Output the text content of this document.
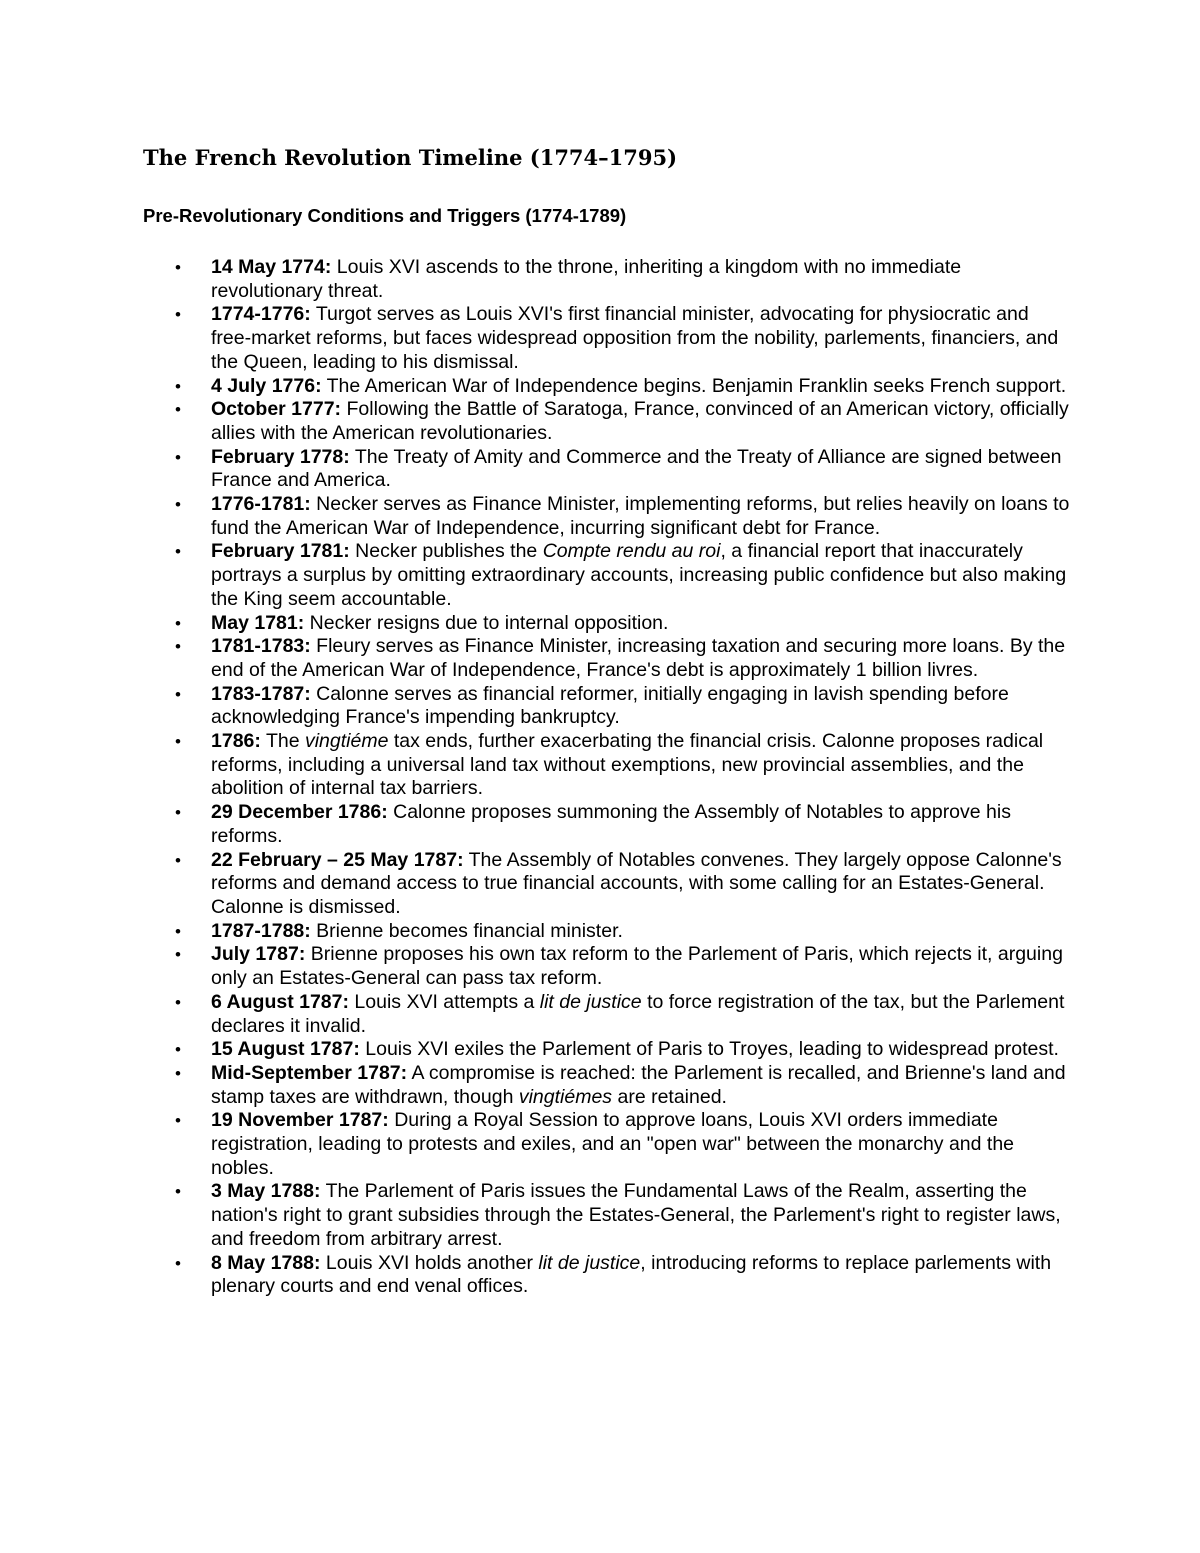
The French Revolution Timeline (1774–1795)
Pre-Revolutionary Conditions and Triggers (1774-1789)
• 14 May 1774: Louis XVI ascends to the throne, inheriting a kingdom with no immediate revolutionary threat.
• 1774-1776: Turgot serves as Louis XVI's first financial minister, advocating for physiocratic and free-market reforms, but faces widespread opposition from the nobility, parlements, financiers, and the Queen, leading to his dismissal.
• 4 July 1776: The American War of Independence begins. Benjamin Franklin seeks French support.
• October 1777: Following the Battle of Saratoga, France, convinced of an American victory, officially allies with the American revolutionaries.
• February 1778: The Treaty of Amity and Commerce and the Treaty of Alliance are signed between France and America.
• 1776-1781: Necker serves as Finance Minister, implementing reforms, but relies heavily on loans to fund the American War of Independence, incurring significant debt for France.
• February 1781: Necker publishes the Compte rendu au roi, a financial report that inaccurately portrays a surplus by omitting extraordinary accounts, increasing public confidence but also making the King seem accountable.
• May 1781: Necker resigns due to internal opposition.
• 1781-1783: Fleury serves as Finance Minister, increasing taxation and securing more loans. By the end of the American War of Independence, France's debt is approximately 1 billion livres.
• 1783-1787: Calonne serves as financial reformer, initially engaging in lavish spending before acknowledging France's impending bankruptcy.
• 1786: The vingtiéme tax ends, further exacerbating the financial crisis. Calonne proposes radical reforms, including a universal land tax without exemptions, new provincial assemblies, and the abolition of internal tax barriers.
• 29 December 1786: Calonne proposes summoning the Assembly of Notables to approve his reforms.
• 22 February – 25 May 1787: The Assembly of Notables convenes. They largely oppose Calonne's reforms and demand access to true financial accounts, with some calling for an Estates-General. Calonne is dismissed.
• 1787-1788: Brienne becomes financial minister.
• July 1787: Brienne proposes his own tax reform to the Parlement of Paris, which rejects it, arguing only an Estates-General can pass tax reform.
• 6 August 1787: Louis XVI attempts a lit de justice to force registration of the tax, but the Parlement declares it invalid.
• 15 August 1787: Louis XVI exiles the Parlement of Paris to Troyes, leading to widespread protest.
• Mid-September 1787: A compromise is reached: the Parlement is recalled, and Brienne's land and stamp taxes are withdrawn, though vingtiémes are retained.
• 19 November 1787: During a Royal Session to approve loans, Louis XVI orders immediate registration, leading to protests and exiles, and an "open war" between the monarchy and the nobles.
• 3 May 1788: The Parlement of Paris issues the Fundamental Laws of the Realm, asserting the nation's right to grant subsidies through the Estates-General, the Parlement's right to register laws, and freedom from arbitrary arrest.
• 8 May 1788: Louis XVI holds another lit de justice, introducing reforms to replace parlements with plenary courts and end venal offices.
